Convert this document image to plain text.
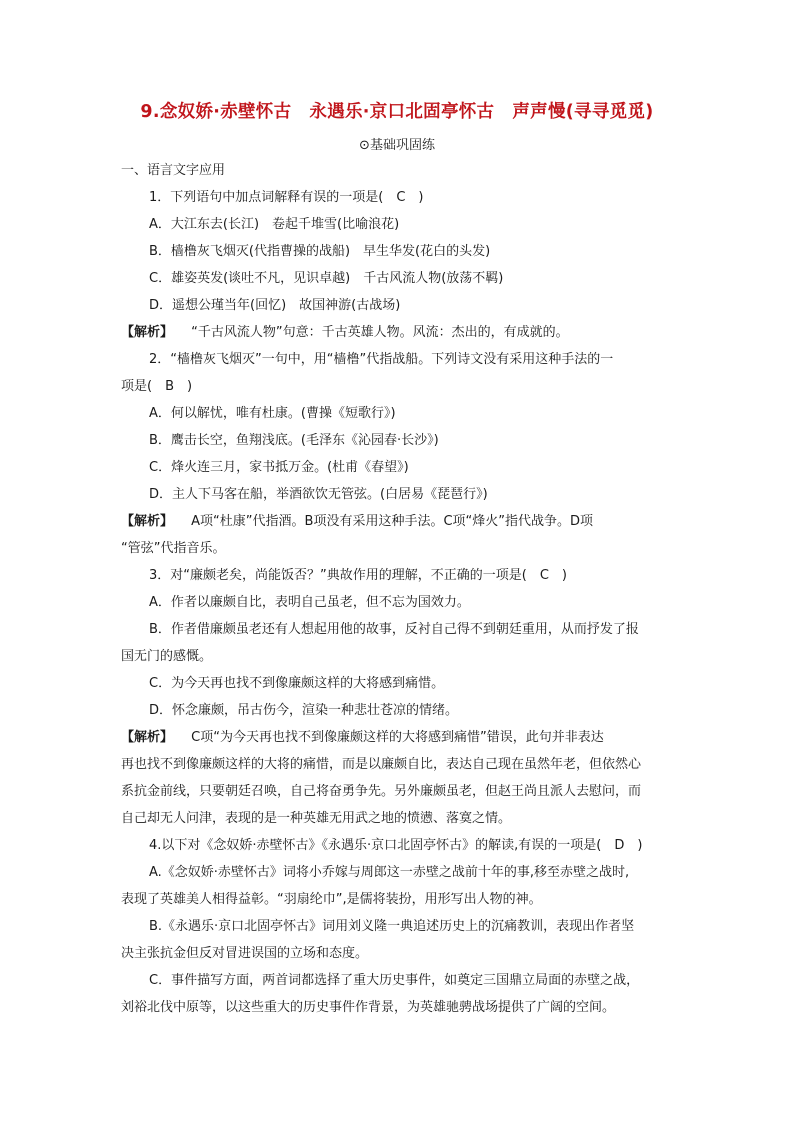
9.念奴娇·赤壁怀古 永遇乐·京口北固亭怀古 声声慢(寻寻觅觅)
⊙基础巩固练
一、语言文字应用
1．下列语句中加点词解释有误的一项是(　C　)
A．大江东去(长江)　卷起千堆雪(比喻浪花)
B．樯橹灰飞烟灭(代指曹操的战船)　早生华发(花白的头发)
C．雄姿英发(谈吐不凡，见识卓越)　千古风流人物(放荡不羁)
D．遥想公瑾当年(回忆)　故国神游(古战场)
【解析】 “千古风流人物”句意：千古英雄人物。风流：杰出的，有成就的。
2．“樯橹灰飞烟灭”一句中，用“樯橹”代指战船。下列诗文没有采用这种手法的一
项是(　B　)
A．何以解忧，唯有杜康。(曹操《短歌行》)
B．鹰击长空，鱼翔浅底。(毛泽东《沁园春·长沙》)
C．烽火连三月，家书抵万金。(杜甫《春望》)
D．主人下马客在船，举酒欲饮无管弦。(白居易《琵琶行》)
【解析】 A项“杜康”代指酒。B项没有采用这种手法。C项“烽火”指代战争。D项
“管弦”代指音乐。
3．对“廉颇老矣，尚能饭否？”典故作用的理解，不正确的一项是(　C　)
A．作者以廉颇自比，表明自己虽老，但不忘为国效力。
B．作者借廉颇虽老还有人想起用他的故事，反衬自己得不到朝廷重用，从而抒发了报
国无门的感慨。
C．为今天再也找不到像廉颇这样的大将感到痛惜。
D．怀念廉颇，吊古伤今，渲染一种悲壮苍凉的情绪。
【解析】 C项“为今天再也找不到像廉颇这样的大将感到痛惜”错误，此句并非表达
再也找不到像廉颇这样的大将的痛惜，而是以廉颇自比，表达自己现在虽然年老，但依然心
系抗金前线，只要朝廷召唤，自己将奋勇争先。另外廉颇虽老，但赵王尚且派人去慰问，而
自己却无人问津，表现的是一种英雄无用武之地的愤懑、落寞之情。
4.以下对《念奴娇·赤壁怀古》《永遇乐·京口北固亭怀古》的解读,有误的一项是(　D　)
A.《念奴娇·赤壁怀古》词将小乔嫁与周郎这一赤壁之战前十年的事,移至赤壁之战时,
表现了英雄美人相得益彰。“羽扇纶巾”,是儒将装扮，用形写出人物的神。
B.《永遇乐·京口北固亭怀古》词用刘义隆一典追述历史上的沉痛教训，表现出作者坚
决主张抗金但反对冒进误国的立场和态度。
C．事件描写方面，两首词都选择了重大历史事件，如奠定三国鼎立局面的赤壁之战，
刘裕北伐中原等，以这些重大的历史事件作背景，为英雄驰骋战场提供了广阔的空间。
